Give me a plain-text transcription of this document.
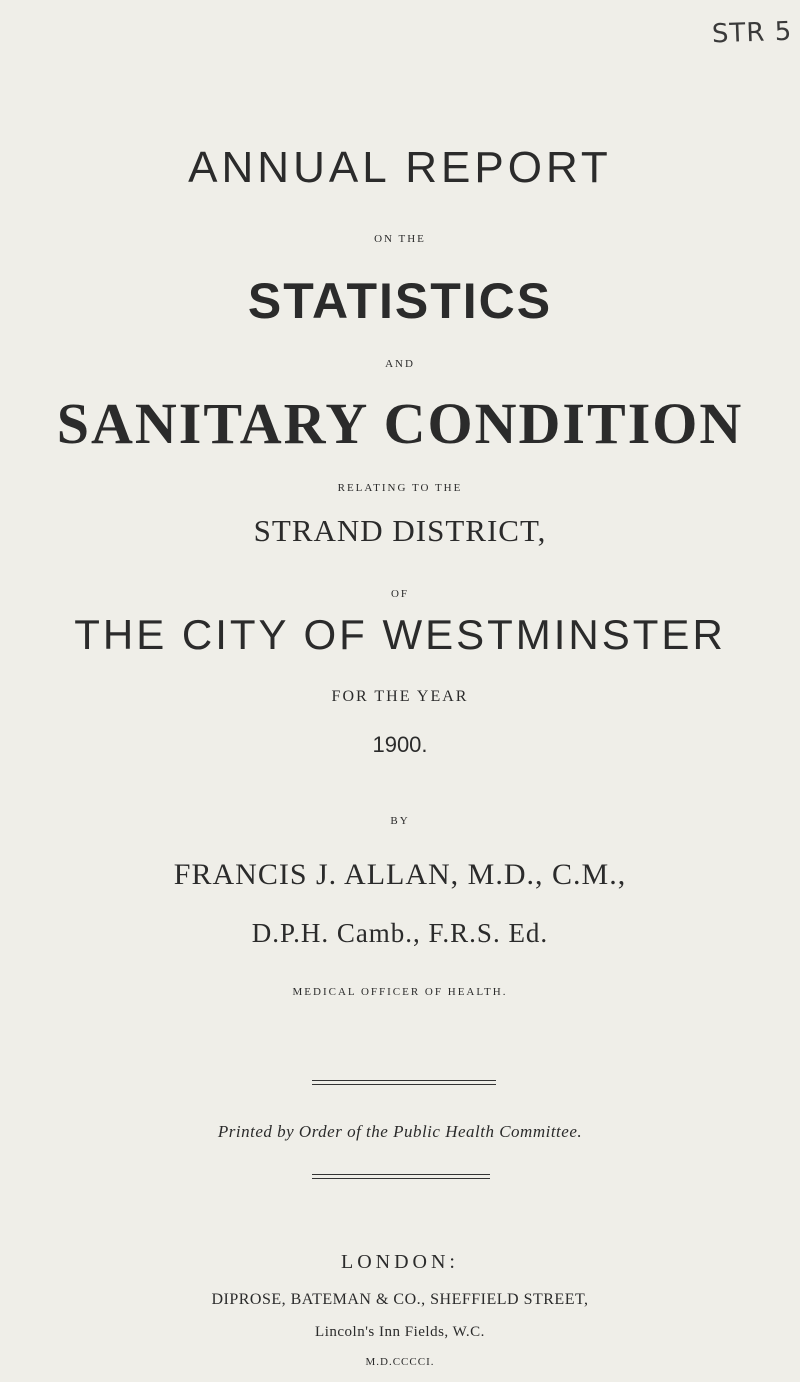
STR 5
ANNUAL REPORT
ON THE
STATISTICS
AND
SANITARY CONDITION
RELATING TO THE
STRAND DISTRICT,
OF
THE CITY OF WESTMINSTER
FOR THE YEAR
1900.
BY
FRANCIS J. ALLAN, M.D., C.M.,
D.P.H. Camb., F.R.S. Ed.
MEDICAL OFFICER OF HEALTH.
Printed by Order of the Public Health Committee.
LONDON:
DIPROSE, BATEMAN & CO., SHEFFIELD STREET,
Lincoln's Inn Fields, W.C.
M.D.CCCCI.
